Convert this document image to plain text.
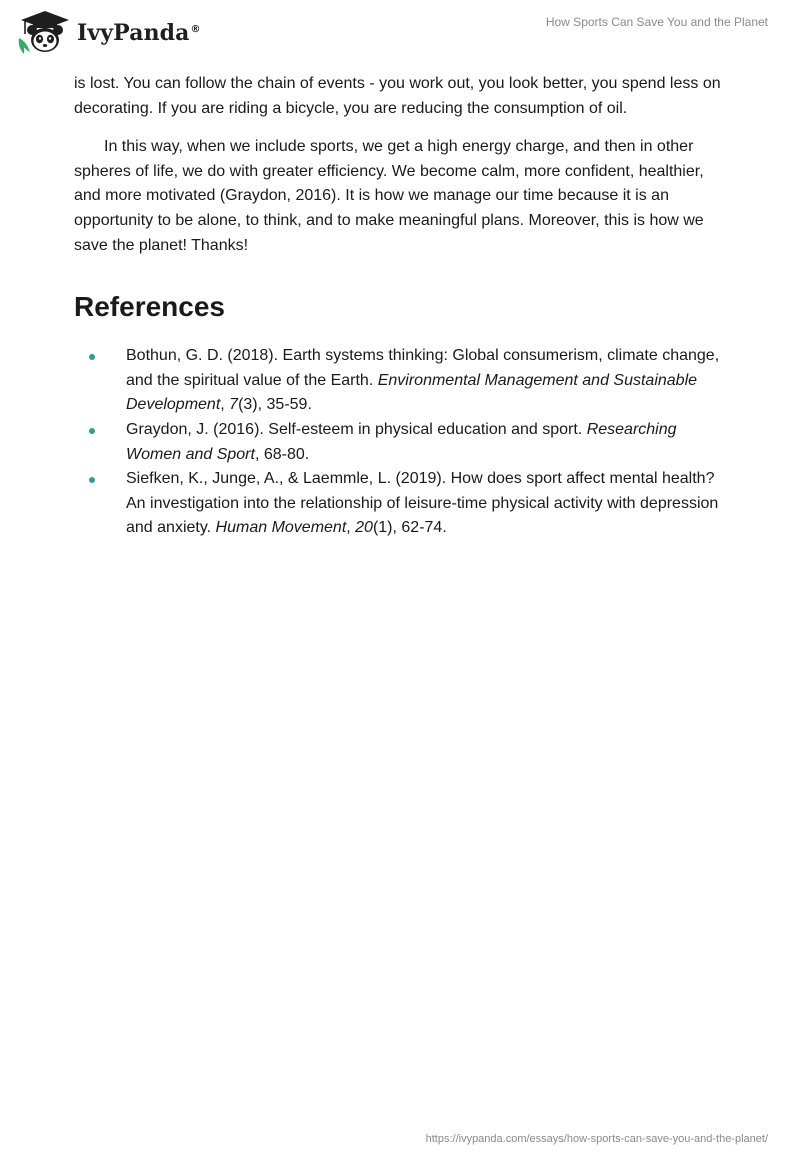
IvyPanda®
How Sports Can Save You and the Planet

is lost. You can follow the chain of events - you work out, you look better, you spend less on decorating. If you are riding a bicycle, you are reducing the consumption of oil.

In this way, when we include sports, we get a high energy charge, and then in other spheres of life, we do with greater efficiency. We become calm, more confident, healthier, and more motivated (Graydon, 2016). It is how we manage our time because it is an opportunity to be alone, to think, and to make meaningful plans. Moreover, this is how we save the planet! Thanks!

References
Bothun, G. D. (2018). Earth systems thinking: Global consumerism, climate change, and the spiritual value of the Earth. Environmental Management and Sustainable Development, 7(3), 35-59.
Graydon, J. (2016). Self-esteem in physical education and sport. Researching Women and Sport, 68-80.
Siefken, K., Junge, A., & Laemmle, L. (2019). How does sport affect mental health? An investigation into the relationship of leisure-time physical activity with depression and anxiety. Human Movement, 20(1), 62-74.
https://ivypanda.com/essays/how-sports-can-save-you-and-the-planet/
